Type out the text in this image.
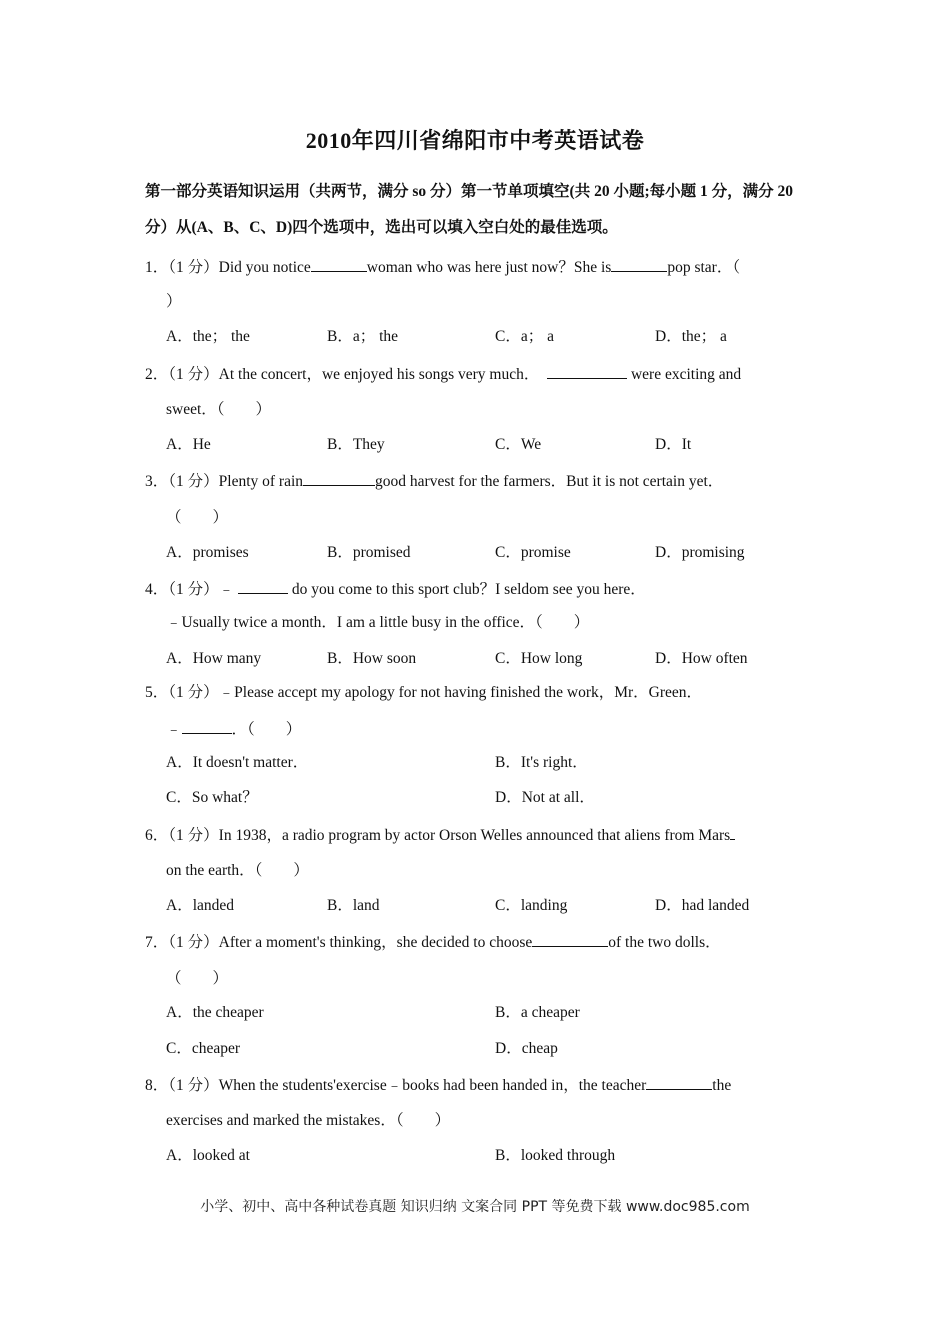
2010年四川省绵阳市中考英语试卷
第一部分英语知识运用（共两节，满分 so 分）第一节单项填空(共 20 小题;每小题 1 分，满分 20 分）从(A、B、C、D)四个选项中，选出可以填入空白处的最佳选项。
1．（1 分）Did you notice	woman who was here just now？She is	pop star．（
）
A．the； the	B．a； the	C．a； a	D．the； a
2．（1 分）At the concert，we enjoyed his songs very much．	were exciting and
sweet．（　　）
A．He	B．They	C．We	D．It
3．（1 分）Plenty of rain	good harvest for the farmers．But it is not certain yet．
（　　）
A．promises	B．promised	C．promise	D．promising
4．（1 分）﹣	do you come to this sport club？I seldom see you here．
﹣Usually twice a month．I am a little busy in the office．（　　）
A．How many	B．How soon	C．How long	D．How often
5．（1 分）﹣Please accept my apology for not having finished the work，Mr．Green．
﹣	．（　　）
A．It doesn't matter．	B．It's right．
C．So what？	D．Not at all．
6．（1 分）In 1938，a radio program by actor Orson Welles announced that aliens from Mars
on the earth．（　　）
A．landed	B．land	C．landing	D．had landed
7．（1 分）After a moment's thinking，she decided to choose	of the two dolls．
（　　）
A．the cheaper	B．a cheaper
C．cheaper	D．cheap
8．（1 分）When the students'exercise﹣books had been handed in，the teacher	the
exercises and marked the mistakes．（　　）
A．looked at	B．looked through
小学、初中、高中各种试卷真题 知识归纳 文案合同 PPT 等免费下载 www.doc985.com
